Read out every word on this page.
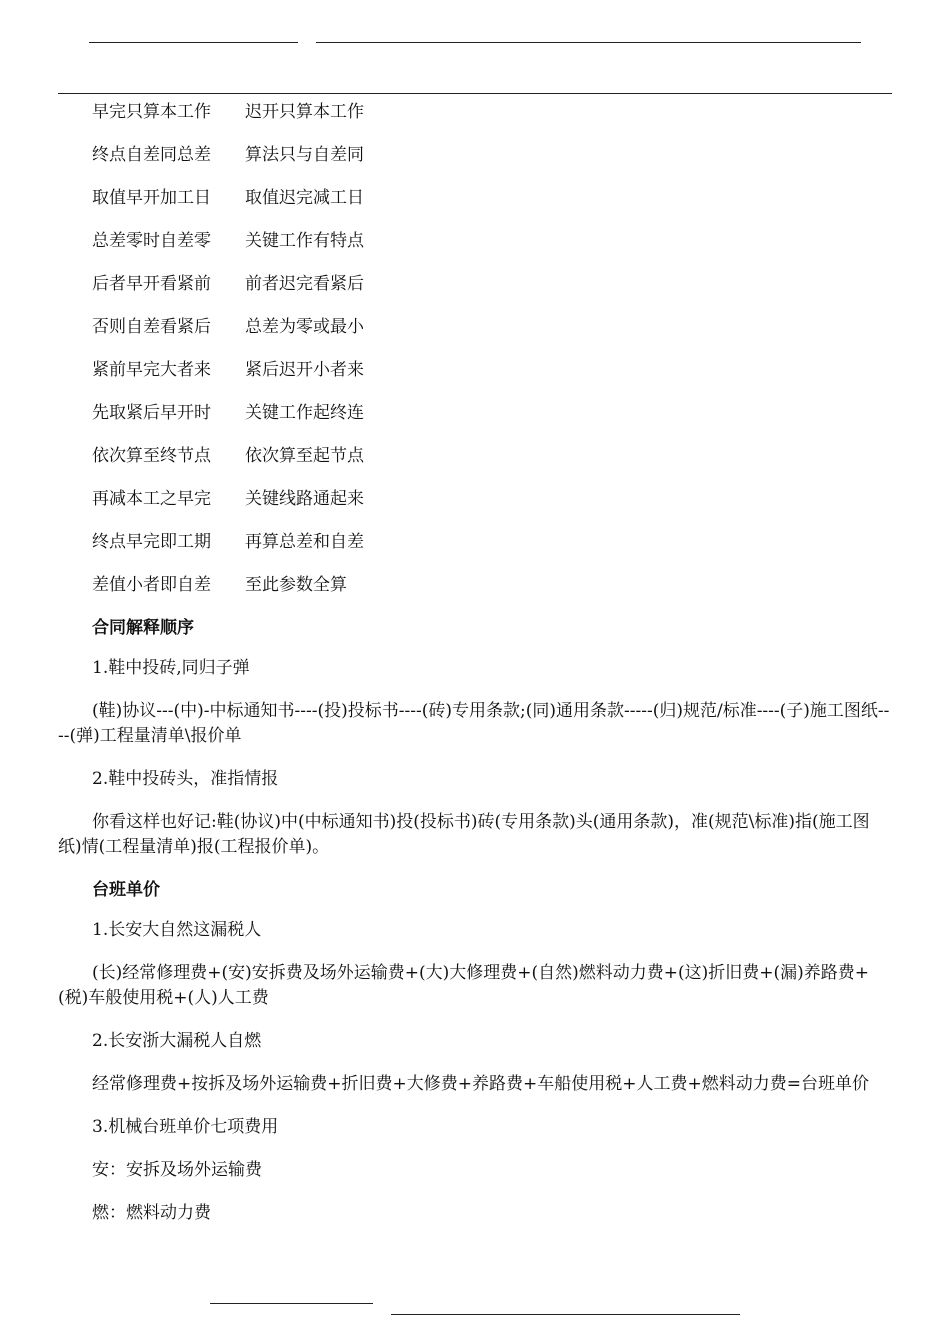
早完只算本工作 迟开只算本工作
终点自差同总差 算法只与自差同
取值早开加工日 取值迟完减工日
总差零时自差零 关键工作有特点
后者早开看紧前 前者迟完看紧后
否则自差看紧后 总差为零或最小
紧前早完大者来 紧后迟开小者来
先取紧后早开时 关键工作起终连
依次算至终节点 依次算至起节点
再减本工之早完 关键线路通起来
终点早完即工期 再算总差和自差
差值小者即自差 至此参数全算
合同解释顺序
1.鞋中投砖,同归子弹

(鞋)协议---(中)-中标通知书----(投)投标书----(砖)专用条款;(同)通用条款-----(归)规范/标准----(子)施工图纸----(弹)工程量清单\报价单

2.鞋中投砖头，准指情报

你看这样也好记:鞋(协议)中(中标通知书)投(投标书)砖(专用条款)头(通用条款)，准(规范\标准)指(施工图纸)情(工程量清单)报(工程报价单)。

台班单价
1.长安大自然这漏税人

(长)经常修理费+(安)安拆费及场外运输费+(大)大修理费+(自然)燃料动力费+(这)折旧费+(漏)养路费+(税)车般使用税+(人)人工费

2.长安浙大漏税人自燃

经常修理费+按拆及场外运输费+折旧费+大修费+养路费+车船使用税+人工费+燃料动力费=台班单价

3.机械台班单价七项费用
安：安拆及场外运输费
燃：燃料动力费
